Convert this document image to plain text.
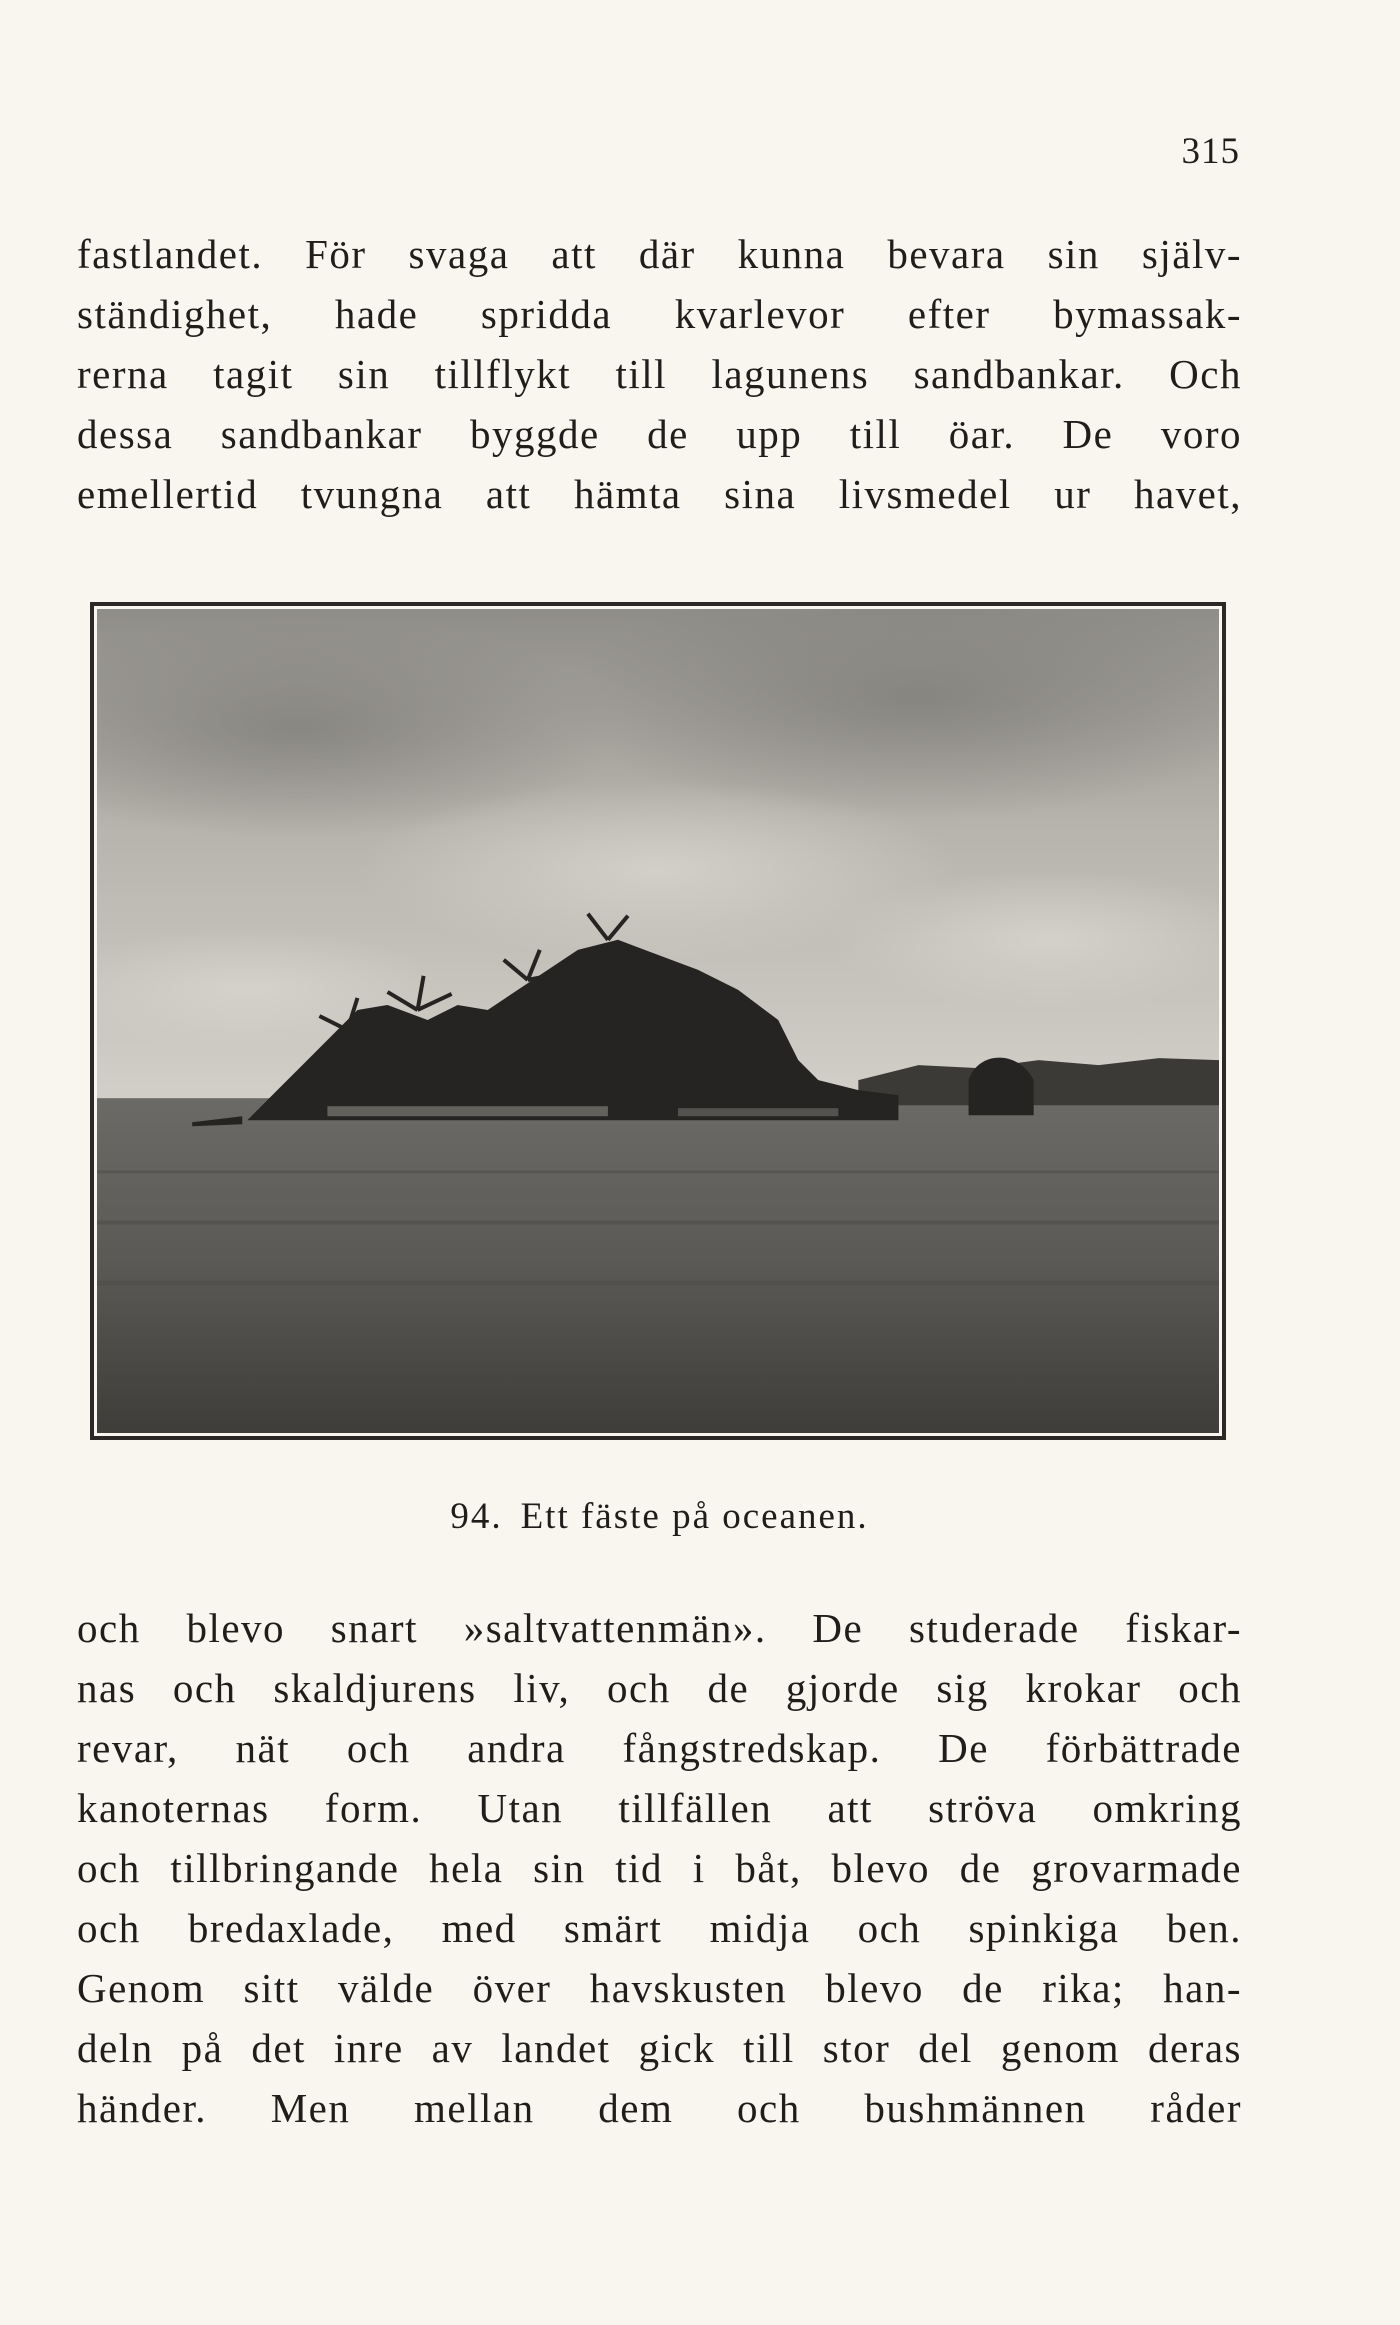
315
fastlandet. För svaga att där kunna bevara sin själv-
ständighet, hade spridda kvarlevor efter bymassak-
rerna tagit sin tillflykt till lagunens sandbankar. Och
dessa sandbankar byggde de upp till öar. De voro
emellertid tvungna att hämta sina livsmedel ur havet,
94. Ett fäste på oceanen.
och blevo snart »saltvattenmän». De studerade fiskar-
nas och skaldjurens liv, och de gjorde sig krokar och
revar, nät och andra fångstredskap. De förbättrade
kanoternas form. Utan tillfällen att ströva omkring
och tillbringande hela sin tid i båt, blevo de grovarmade
och bredaxlade, med smärt midja och spinkiga ben.
Genom sitt välde över havskusten blevo de rika; han-
deln på det inre av landet gick till stor del genom deras
händer. Men mellan dem och bushmännen råder
